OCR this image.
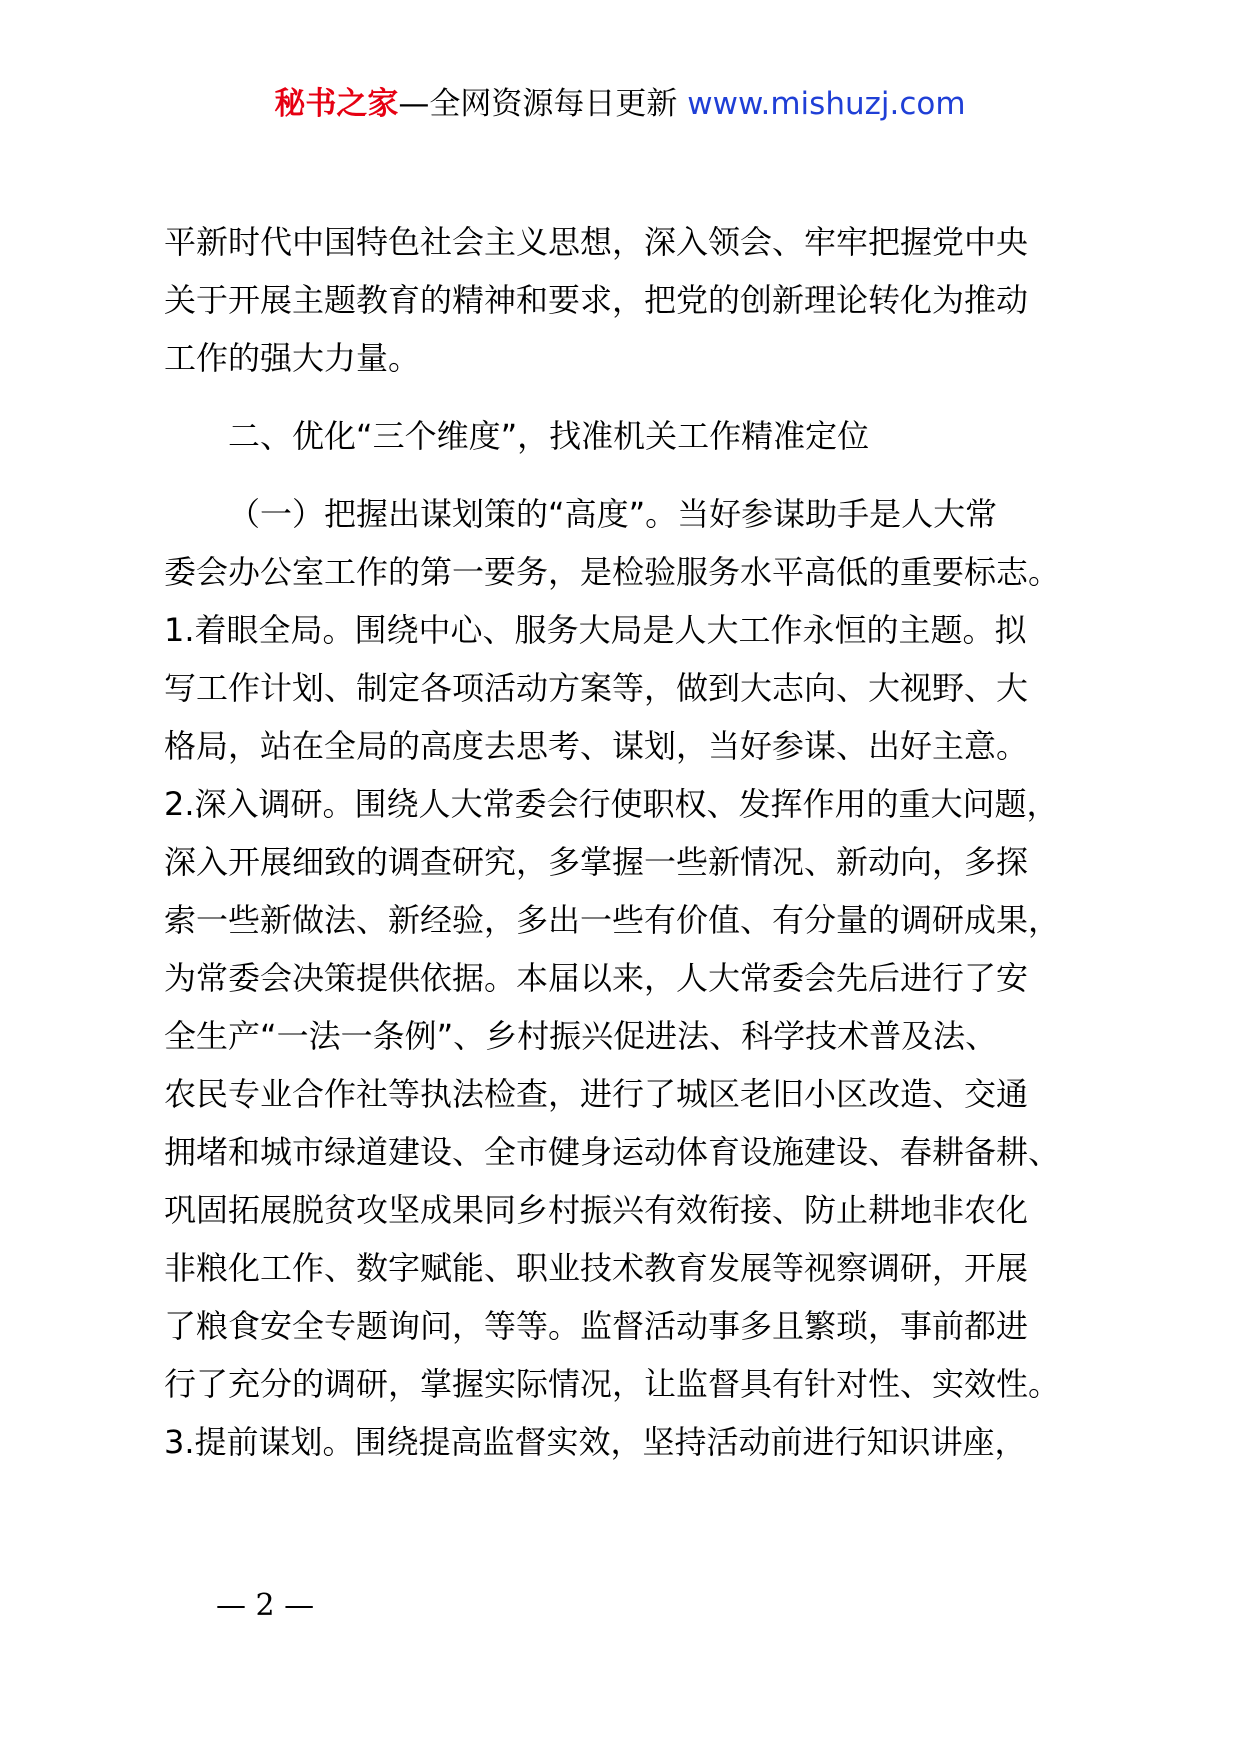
秘书之家—全网资源每日更新 www.mishuzj.com
平新时代中国特色社会主义思想，深入领会、牢牢把握党中央
关于开展主题教育的精神和要求，把党的创新理论转化为推动
工作的强大力量。
二、优化“三个维度”，找准机关工作精准定位
（一）把握出谋划策的“高度”。当好参谋助手是人大常
委会办公室工作的第一要务，是检验服务水平高低的重要标志。
1.着眼全局。围绕中心、服务大局是人大工作永恒的主题。拟
写工作计划、制定各项活动方案等，做到大志向、大视野、大
格局，站在全局的高度去思考、谋划，当好参谋、出好主意。
2.深入调研。围绕人大常委会行使职权、发挥作用的重大问题，
深入开展细致的调查研究，多掌握一些新情况、新动向，多探
索一些新做法、新经验，多出一些有价值、有分量的调研成果，
为常委会决策提供依据。本届以来，人大常委会先后进行了安
全生产“一法一条例”、乡村振兴促进法、科学技术普及法、
农民专业合作社等执法检查，进行了城区老旧小区改造、交通
拥堵和城市绿道建设、全市健身运动体育设施建设、春耕备耕、
巩固拓展脱贫攻坚成果同乡村振兴有效衔接、防止耕地非农化
非粮化工作、数字赋能、职业技术教育发展等视察调研，开展
了粮食安全专题询问，等等。监督活动事多且繁琐，事前都进
行了充分的调研，掌握实际情况，让监督具有针对性、实效性。
3.提前谋划。围绕提高监督实效，坚持活动前进行知识讲座，
— 2 —
